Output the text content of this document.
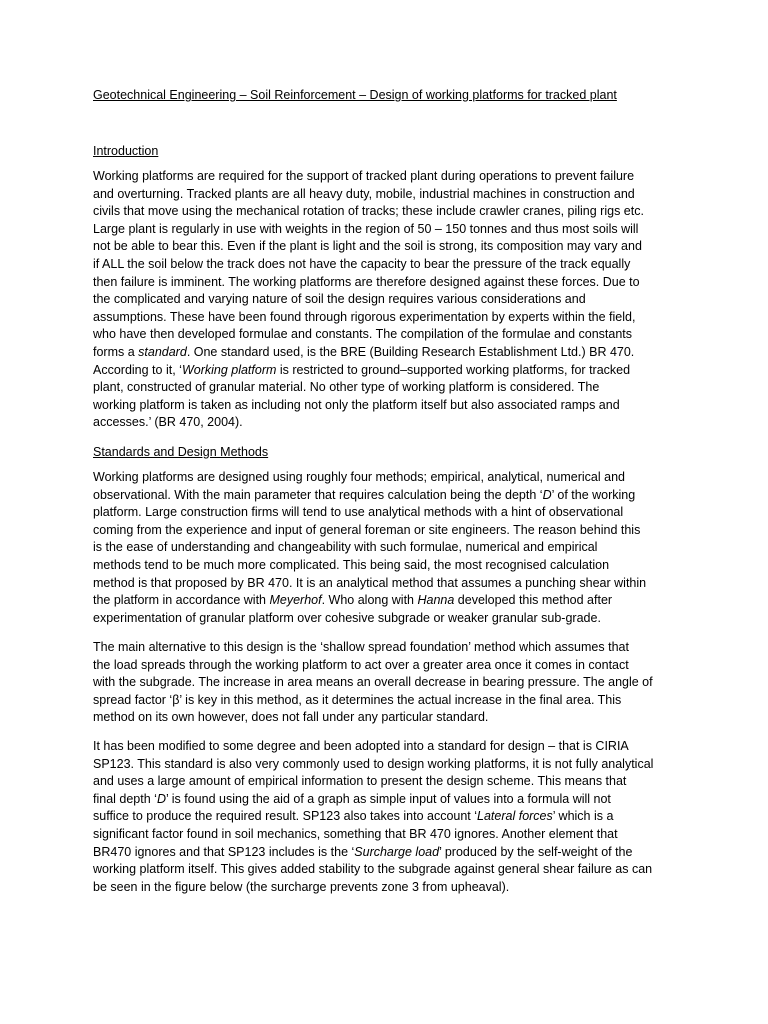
Geotechnical Engineering – Soil Reinforcement – Design of working platforms for tracked plant
Introduction
Working platforms are required for the support of tracked plant during operations to prevent failure
and overturning. Tracked plants are all heavy duty, mobile, industrial machines in construction and
civils that move using the mechanical rotation of tracks; these include crawler cranes, piling rigs etc.
Large plant is regularly in use with weights in the region of 50 – 150 tonnes and thus most soils will
not be able to bear this. Even if the plant is light and the soil is strong, its composition may vary and
if ALL the soil below the track does not have the capacity to bear the pressure of the track equally
then failure is imminent. The working platforms are therefore designed against these forces. Due to
the complicated and varying nature of soil the design requires various considerations and
assumptions. These have been found through rigorous experimentation by experts within the field,
who have then developed formulae and constants. The compilation of the formulae and constants
forms a standard. One standard used, is the BRE (Building Research Establishment Ltd.) BR 470.
According to it, ‘Working platform is restricted to ground–supported working platforms, for tracked
plant, constructed of granular material. No other type of working platform is considered. The
working platform is taken as including not only the platform itself but also associated ramps and
accesses.’ (BR 470, 2004).
Standards and Design Methods
Working platforms are designed using roughly four methods; empirical, analytical, numerical and
observational. With the main parameter that requires calculation being the depth ‘D’ of the working
platform. Large construction firms will tend to use analytical methods with a hint of observational
coming from the experience and input of general foreman or site engineers. The reason behind this
is the ease of understanding and changeability with such formulae, numerical and empirical
methods tend to be much more complicated. This being said, the most recognised calculation
method is that proposed by BR 470. It is an analytical method that assumes a punching shear within
the platform in accordance with Meyerhof. Who along with Hanna developed this method after
experimentation of granular platform over cohesive subgrade or weaker granular sub-grade.
The main alternative to this design is the ‘shallow spread foundation’ method which assumes that
the load spreads through the working platform to act over a greater area once it comes in contact
with the subgrade. The increase in area means an overall decrease in bearing pressure. The angle of
spread factor ‘β’ is key in this method, as it determines the actual increase in the final area. This
method on its own however, does not fall under any particular standard.
It has been modified to some degree and been adopted into a standard for design – that is CIRIA
SP123. This standard is also very commonly used to design working platforms, it is not fully analytical
and uses a large amount of empirical information to present the design scheme. This means that
final depth ‘D’ is found using the aid of a graph as simple input of values into a formula will not
suffice to produce the required result. SP123 also takes into account ‘Lateral forces’ which is a
significant factor found in soil mechanics, something that BR 470 ignores. Another element that
BR470 ignores and that SP123 includes is the ‘Surcharge load’ produced by the self-weight of the
working platform itself. This gives added stability to the subgrade against general shear failure as can
be seen in the figure below (the surcharge prevents zone 3 from upheaval).
